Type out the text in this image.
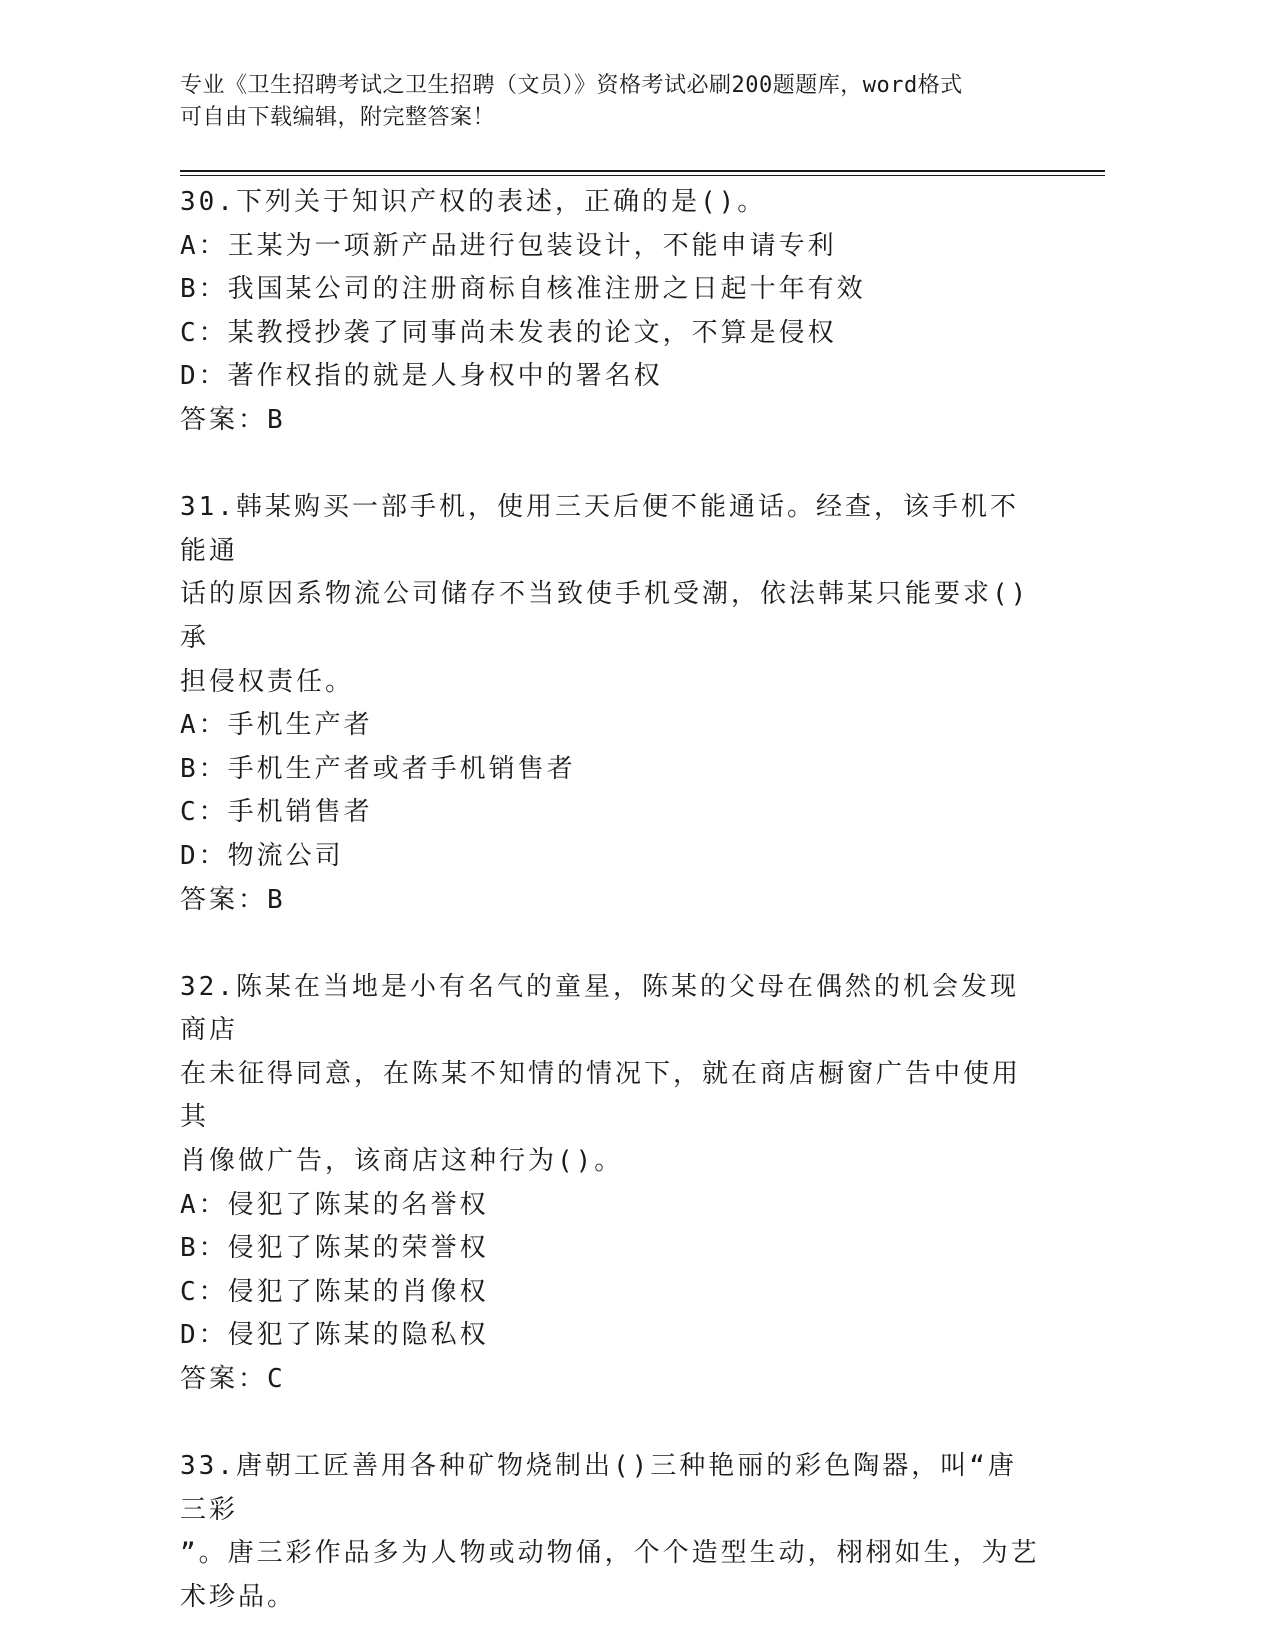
专业《卫生招聘考试之卫生招聘（文员）》资格考试必刷200题题库，word格式
可自由下载编辑，附完整答案！
30.下列关于知识产权的表述，正确的是()。
A：王某为一项新产品进行包装设计，不能申请专利
B：我国某公司的注册商标自核准注册之日起十年有效
C：某教授抄袭了同事尚未发表的论文，不算是侵权
D：著作权指的就是人身权中的署名权
答案：B
31.韩某购买一部手机，使用三天后便不能通话。经查，该手机不能通
话的原因系物流公司储存不当致使手机受潮，依法韩某只能要求()承
担侵权责任。
A：手机生产者
B：手机生产者或者手机销售者
C：手机销售者
D：物流公司
答案：B
32.陈某在当地是小有名气的童星，陈某的父母在偶然的机会发现商店
在未征得同意，在陈某不知情的情况下，就在商店橱窗广告中使用其
肖像做广告，该商店这种行为()。
A：侵犯了陈某的名誉权
B：侵犯了陈某的荣誉权
C：侵犯了陈某的肖像权
D：侵犯了陈某的隐私权
答案：C
33.唐朝工匠善用各种矿物烧制出()三种艳丽的彩色陶器，叫“唐三彩
”。唐三彩作品多为人物或动物俑，个个造型生动，栩栩如生，为艺
术珍品。
